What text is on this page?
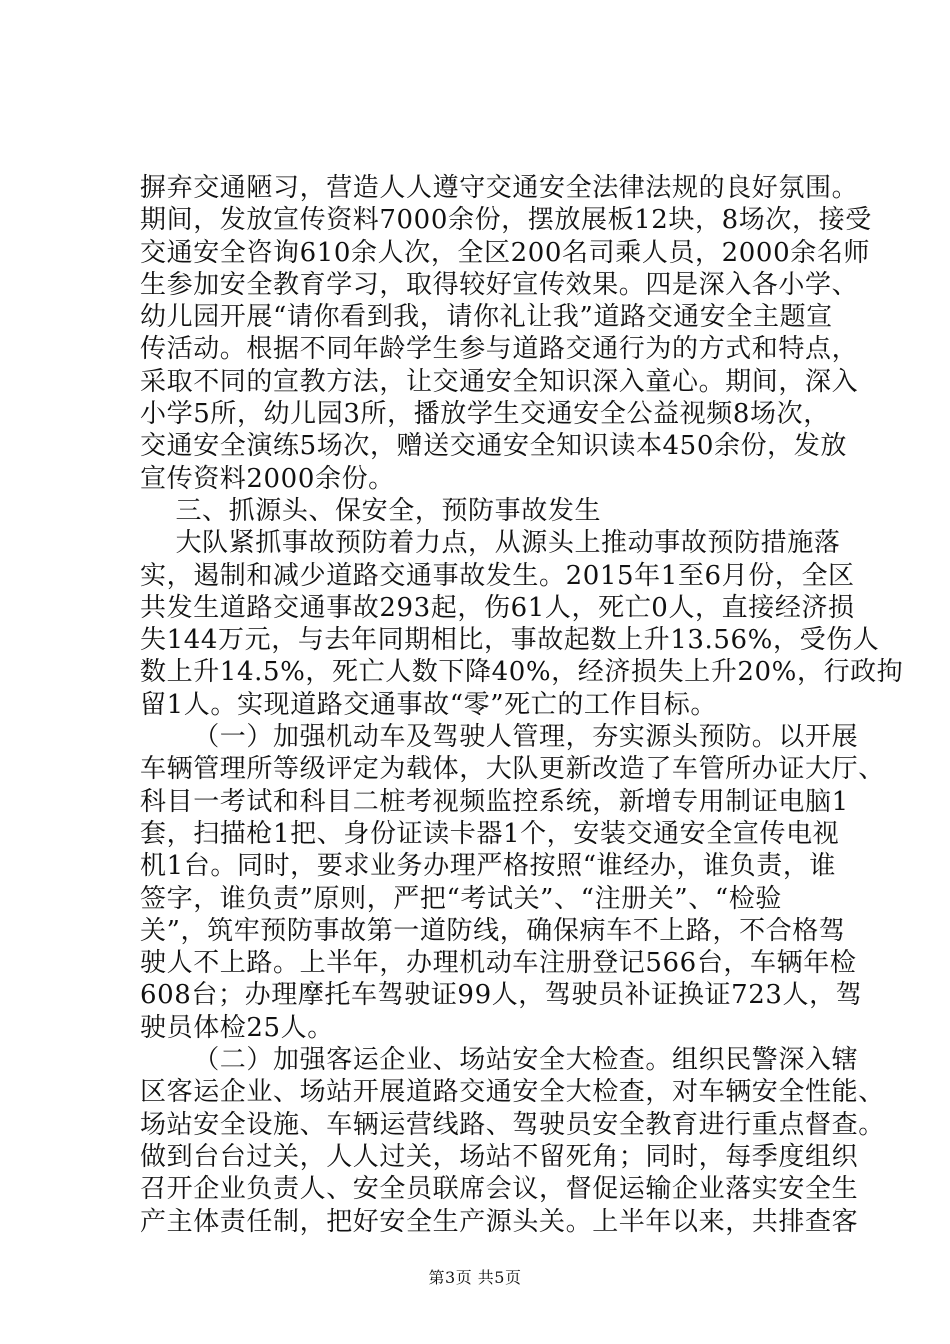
摒弃交通陋习，营造人人遵守交通安全法律法规的良好氛围。
期间，发放宣传资料7000余份，摆放展板12块，8场次，接受
交通安全咨询610余人次，全区200名司乘人员，2000余名师
生参加安全教育学习，取得较好宣传效果。四是深入各小学、
幼儿园开展“请你看到我，请你礼让我”道路交通安全主题宣
传活动。根据不同年龄学生参与道路交通行为的方式和特点，
采取不同的宣教方法，让交通安全知识深入童心。期间，深入
小学5所，幼儿园3所，播放学生交通安全公益视频8场次，
交通安全演练5场次，赠送交通安全知识读本450余份，发放
宣传资料2000余份。
三、抓源头、保安全，预防事故发生
大队紧抓事故预防着力点，从源头上推动事故预防措施落
实，遏制和减少道路交通事故发生。2015年1至6月份，全区
共发生道路交通事故293起，伤61人，死亡0人，直接经济损
失144万元，与去年同期相比，事故起数上升13.56%，受伤人
数上升14.5%，死亡人数下降40%，经济损失上升20%，行政拘
留1人。实现道路交通事故“零”死亡的工作目标。
（一）加强机动车及驾驶人管理，夯实源头预防。以开展
车辆管理所等级评定为载体，大队更新改造了车管所办证大厅、
科目一考试和科目二桩考视频监控系统，新增专用制证电脑1
套，扫描枪1把、身份证读卡器1个，安装交通安全宣传电视
机1台。同时，要求业务办理严格按照“谁经办，谁负责，谁
签字，谁负责”原则，严把“考试关”、“注册关”、“检验
关”，筑牢预防事故第一道防线，确保病车不上路，不合格驾
驶人不上路。上半年，办理机动车注册登记566台，车辆年检
608台；办理摩托车驾驶证99人，驾驶员补证换证723人，驾
驶员体检25人。
（二）加强客运企业、场站安全大检查。组织民警深入辖
区客运企业、场站开展道路交通安全大检查，对车辆安全性能、
场站安全设施、车辆运营线路、驾驶员安全教育进行重点督查。
做到台台过关，人人过关，场站不留死角；同时，每季度组织
召开企业负责人、安全员联席会议，督促运输企业落实安全生
产主体责任制，把好安全生产源头关。上半年以来，共排查客
第3页 共5页
